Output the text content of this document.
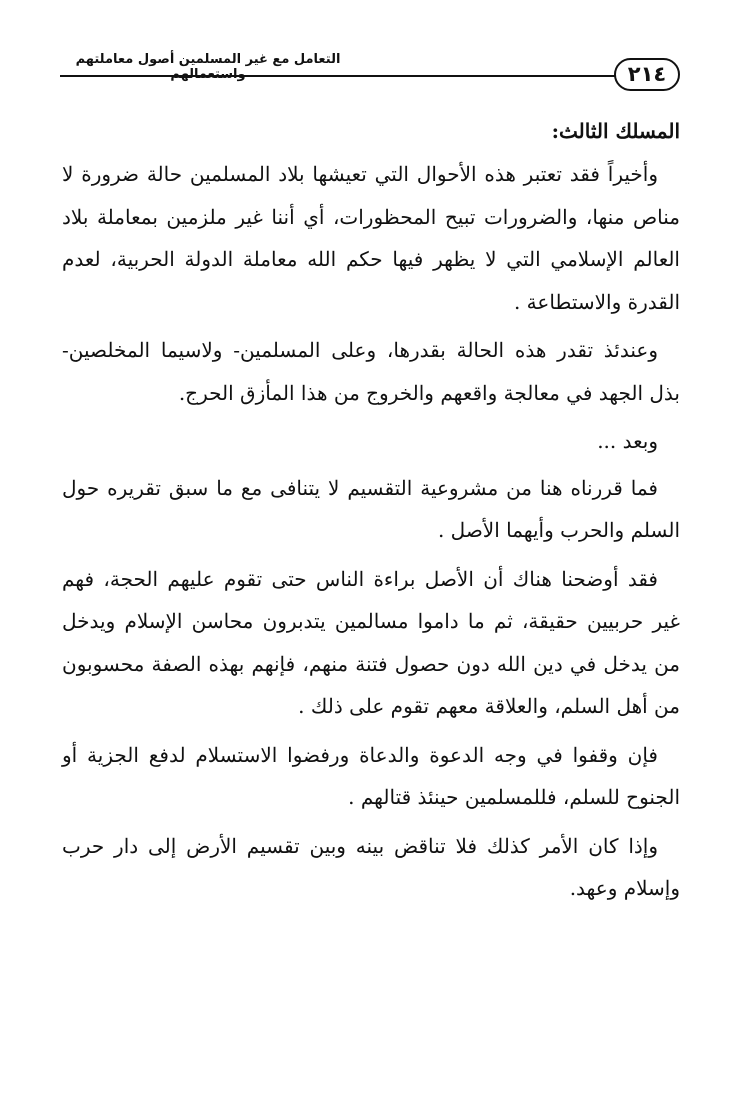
التعامل مع غير المسلمين أصول معاملتهم
٢١٤
المسلك الثالث:

وأخيراً فقد تعتبر هذه الأحوال التي تعيشها بلاد المسلمين حالة ضرورة لا مناص منها، والضرورات تبيح المحظورات، أي أننا غير ملزمين بمعاملة بلاد العالم الإسلامي التي لا يظهر فيها حكم الله معاملة الدولة الحربية، لعدم القدرة والاستطاعة .

وعندئذ تقدر هذه الحالة بقدرها، وعلى المسلمين- ولاسيما المخلصين- بذل الجهد في معالجة واقعهم والخروج من هذا المأزق الحرج.

وبعد ...

فما قررناه هنا من مشروعية التقسيم لا يتنافى مع ما سبق تقريره حول السلم والحرب وأيهما الأصل .

فقد أوضحنا هناك أن الأصل براءة الناس حتى تقوم عليهم الحجة، فهم غير حربيين حقيقة، ثم ما داموا مسالمين يتدبرون محاسن الإسلام ويدخل من يدخل في دين الله دون حصول فتنة منهم، فإنهم بهذه الصفة محسوبون من أهل السلم، والعلاقة معهم تقوم على ذلك .

فإن وقفوا في وجه الدعوة والدعاة ورفضوا الاستسلام لدفع الجزية أو الجنوح للسلم، فللمسلمين حينئذ قتالهم .

وإذا كان الأمر كذلك فلا تناقض بينه وبين تقسيم الأرض إلى دار حرب وإسلام وعهد.
